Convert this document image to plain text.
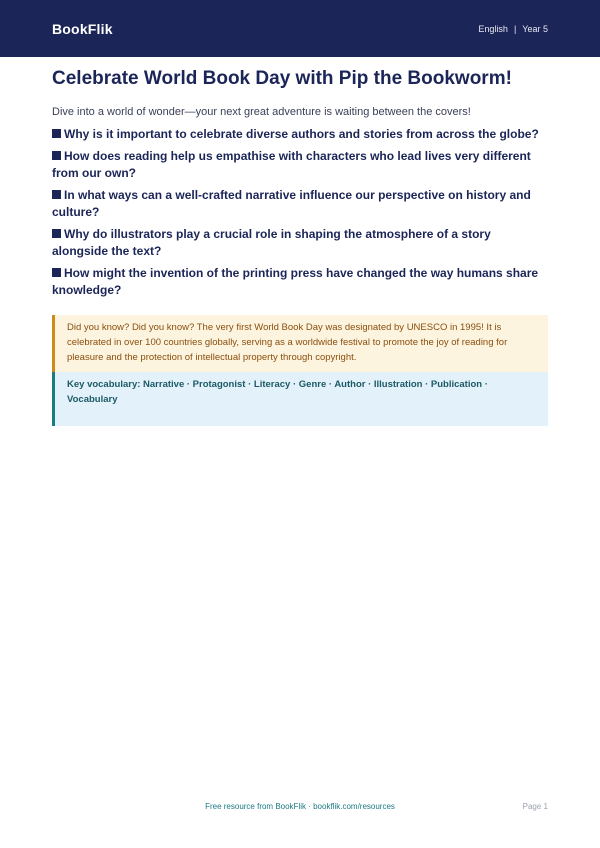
BookFlik	English | Year 5
Celebrate World Book Day with Pip the Bookworm!

Dive into a world of wonder—your next great adventure is waiting between the covers!

Why is it important to celebrate diverse authors and stories from across the globe?
How does reading help us empathise with characters who lead lives very different from our own?
In what ways can a well-crafted narrative influence our perspective on history and culture?
Why do illustrators play a crucial role in shaping the atmosphere of a story alongside the text?
How might the invention of the printing press have changed the way humans share knowledge?
Did you know? Did you know? The very first World Book Day was designated by UNESCO in 1995! It is celebrated in over 100 countries globally, serving as a worldwide festival to promote the joy of reading for pleasure and the protection of intellectual property through copyright.
Key vocabulary: Narrative · Protagonist · Literacy · Genre · Author · Illustration · Publication · Vocabulary
Free resource from BookFlik · bookflik.com/resources	Page 1
